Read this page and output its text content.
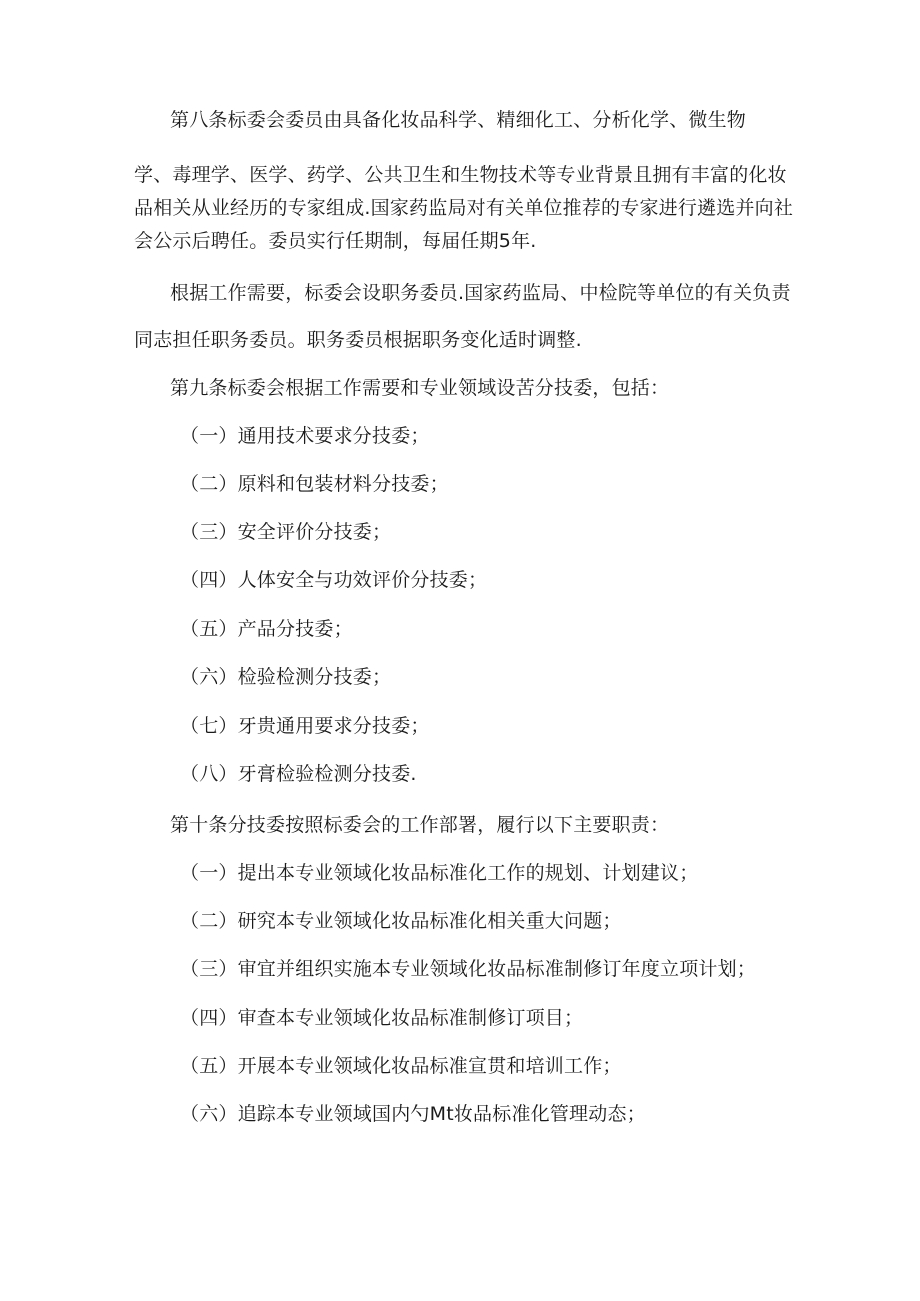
第八条标委会委员由具备化妆品科学、精细化工、分析化学、微生物
学、毒理学、医学、药学、公共卫生和生物技术等专业背景且拥有丰富的化妆
品相关从业经历的专家组成.国家药监局对有关单位推荐的专家进行遴选并向社
会公示后聘任。委员实行任期制，每届任期5年.
根据工作需要，标委会设职务委员.国家药监局、中检院等单位的有关负责
同志担任职务委员。职务委员根据职务变化适时调整.
第九条标委会根据工作需要和专业领域设苦分技委，包括：
（一）通用技术要求分技委；
（二）原料和包装材料分技委；
（三）安全评价分技委；
（四）人体安全与功效评价分技委；
（五）产品分技委；
（六）检验检测分技委；
（七）牙贵通用要求分技委；
（八）牙膏检验检测分技委.
第十条分技委按照标委会的工作部署，履行以下主要职责：
（一）提出本专业领域化妆品标准化工作的规划、计划建议；
（二）研究本专业领域化妆品标准化相关重大问题；
（三）审宜并组织实施本专业领域化妆品标准制修订年度立项计划；
（四）审查本专业领域化妆品标准制修订项目；
（五）开展本专业领域化妆品标准宣贯和培训工作；
（六）追踪本专业领域国内勺Mt妆品标准化管理动态；
